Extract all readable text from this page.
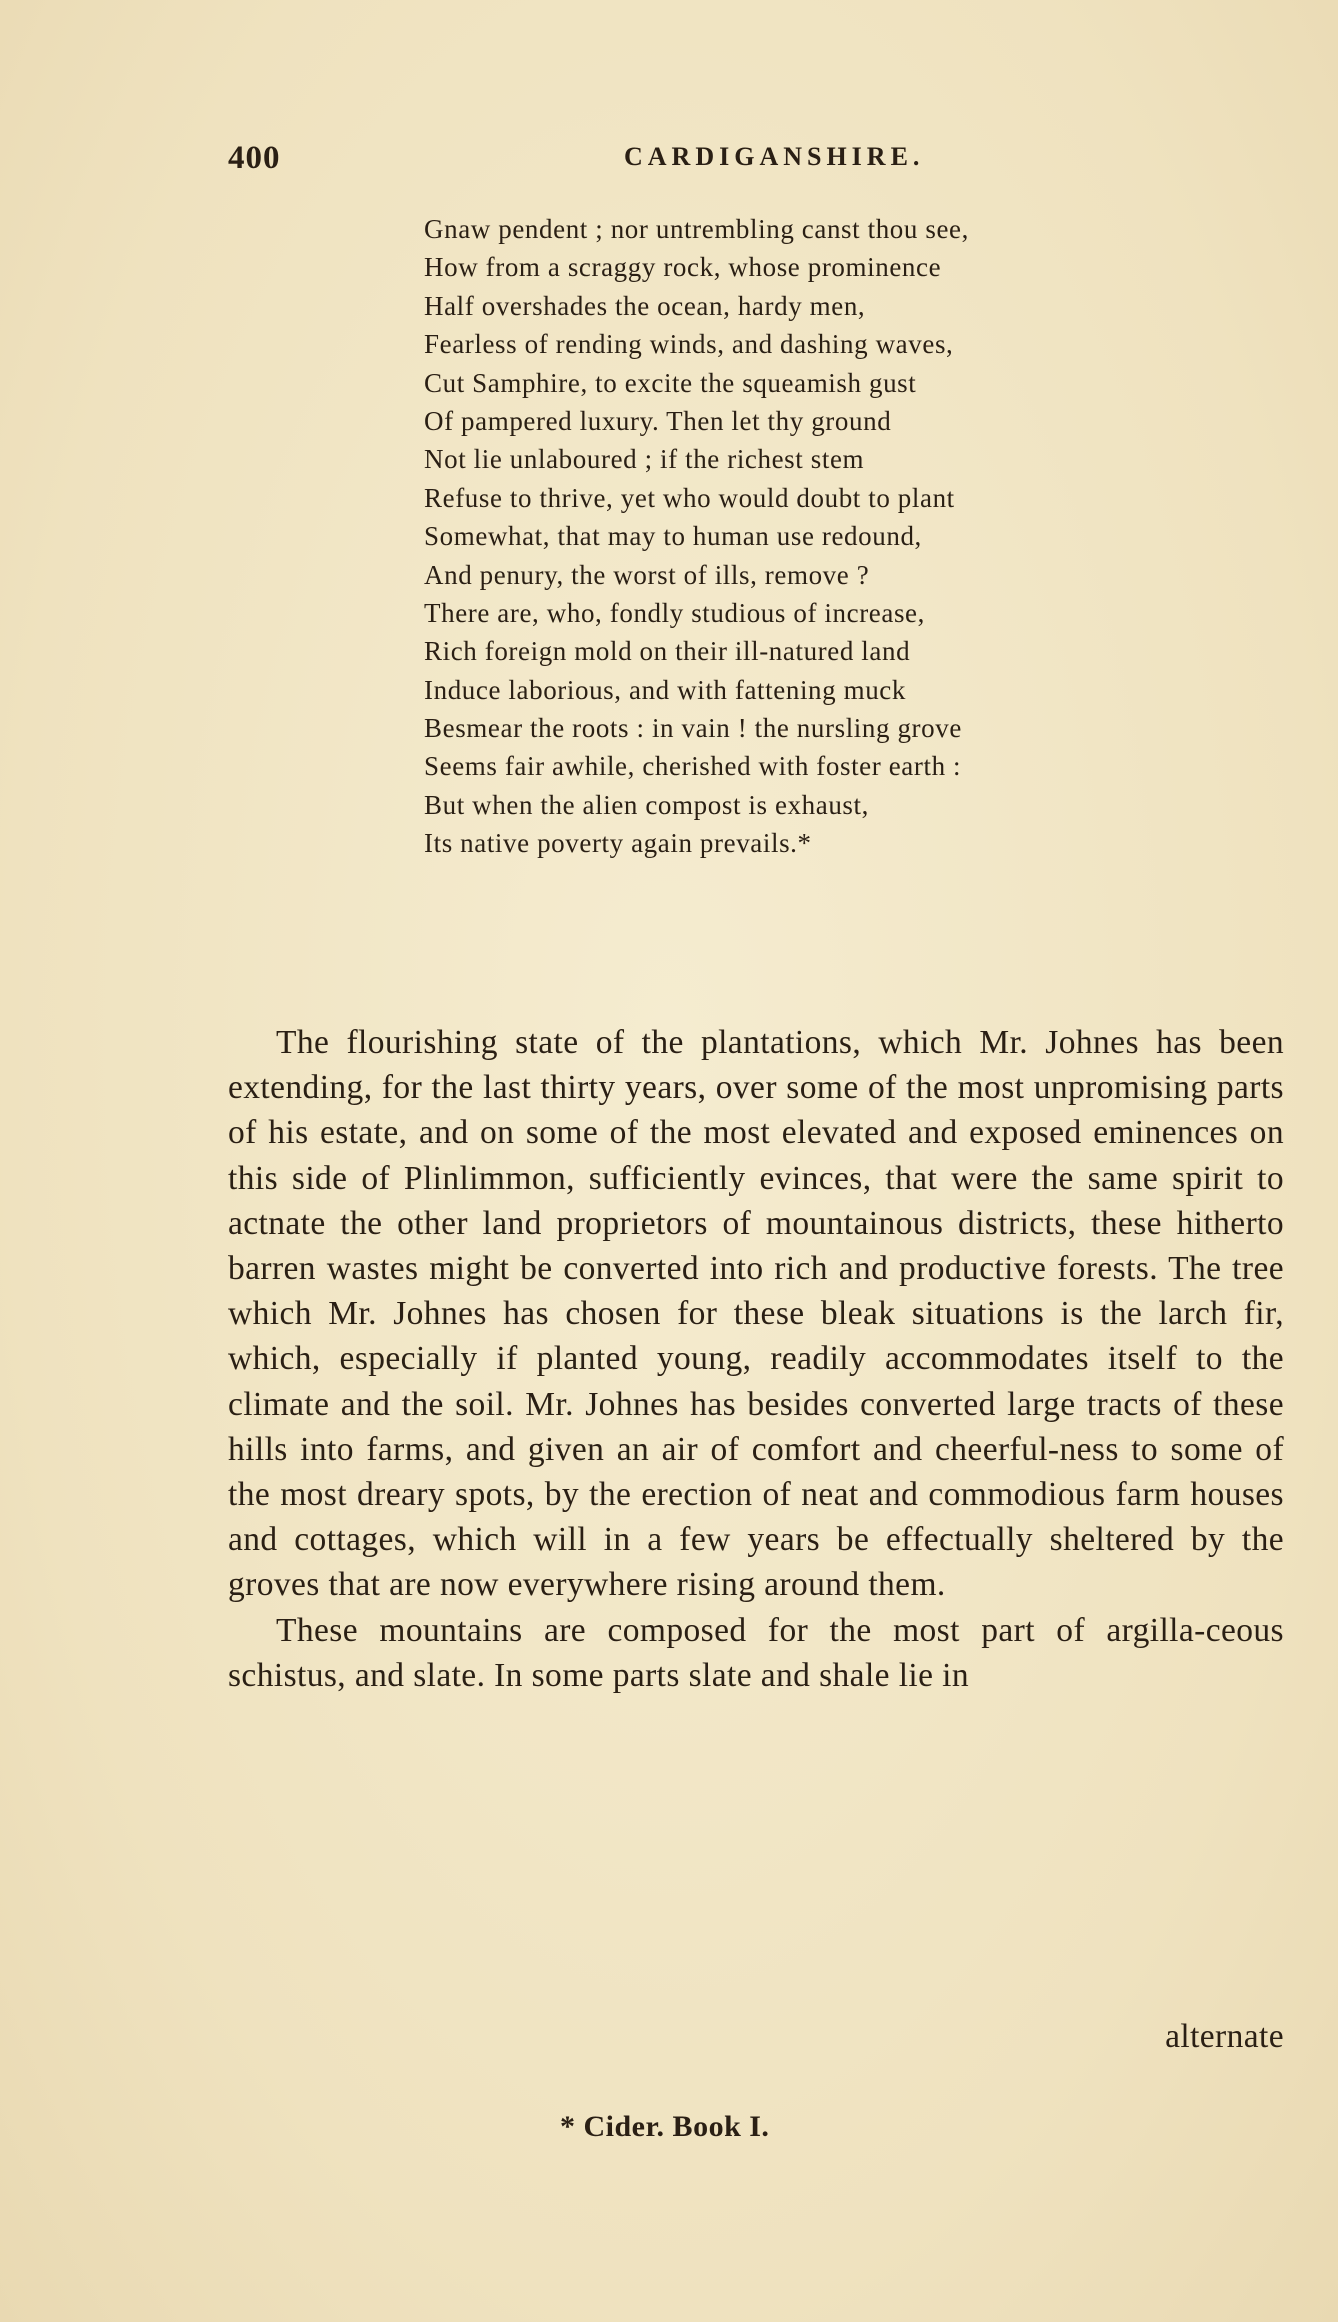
400	CARDIGANSHIRE.
Gnaw pendent ; nor untrembling canst thou see,
How from a scraggy rock, whose prominence
Half overshades the ocean, hardy men,
Fearless of rending winds, and dashing waves,
Cut Samphire, to excite the squeamish gust
Of pampered luxury. Then let thy ground
Not lie unlaboured ; if the richest stem
Refuse to thrive, yet who would doubt to plant
Somewhat, that may to human use redound,
And penury, the worst of ills, remove ?
There are, who, fondly studious of increase,
Rich foreign mold on their ill-natured land
Induce laborious, and with fattening muck
Besmear the roots : in vain ! the nursling grove
Seems fair awhile, cherished with foster earth :
But when the alien compost is exhaust,
Its native poverty again prevails.*

The flourishing state of the plantations, which Mr. Johnes has been extending, for the last thirty years, over some of the most unpromising parts of his estate, and on some of the most elevated and exposed eminences on this side of Plinlimmon, sufficiently evinces, that were the same spirit to actnate the other land proprietors of mountainous districts, these hitherto barren wastes might be converted into rich and productive forests. The tree which Mr. Johnes has chosen for these bleak situations is the larch fir, which, especially if planted young, readily accommodates itself to the climate and the soil. Mr. Johnes has besides converted large tracts of these hills into farms, and given an air of comfort and cheerful-ness to some of the most dreary spots, by the erection of neat and commodious farm houses and cottages, which will in a few years be effectually sheltered by the groves that are now everywhere rising around them.

These mountains are composed for the most part of argilla-ceous schistus, and slate. In some parts slate and shale lie in

alternate
* Cider. Book I.
